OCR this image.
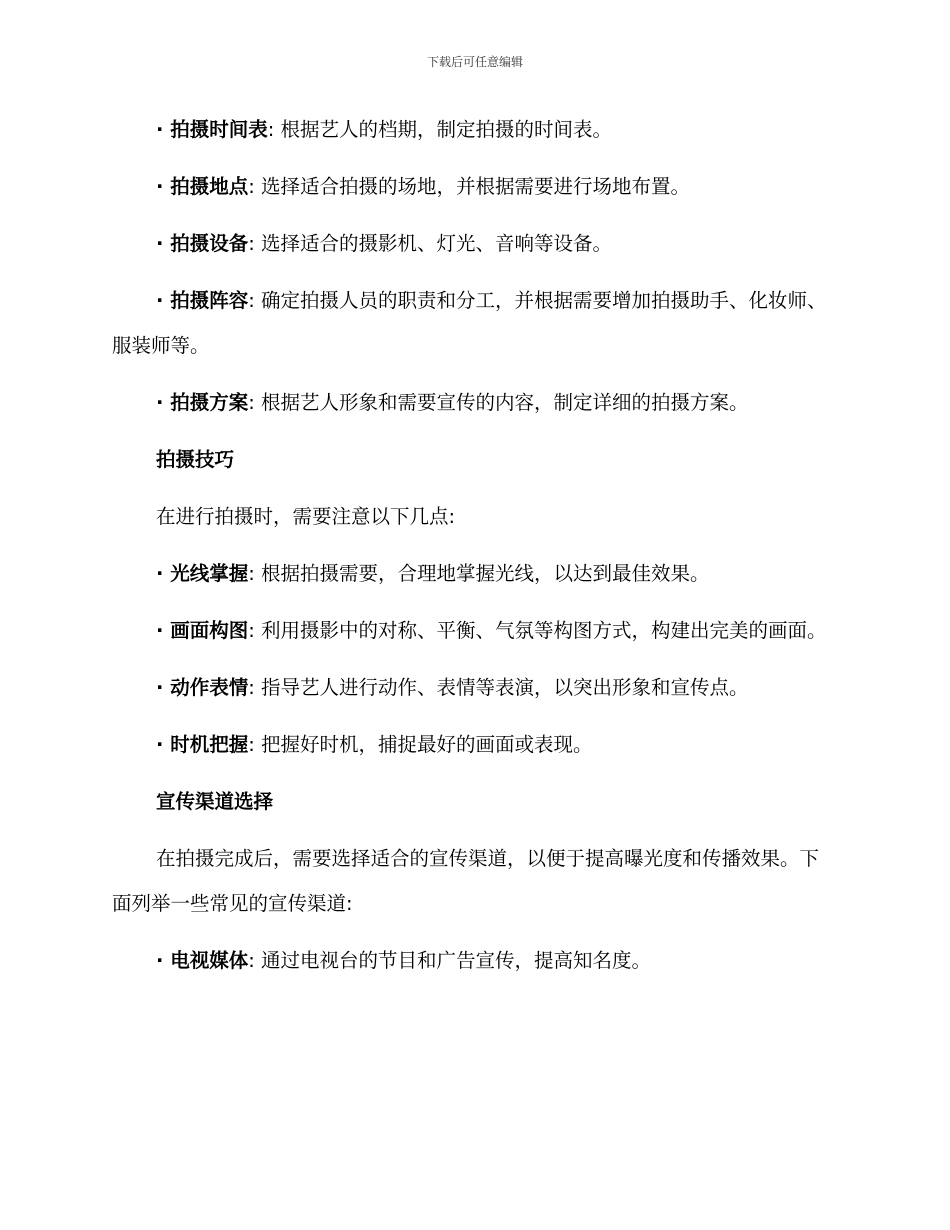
下载后可任意编辑

· 拍摄时间表: 根据艺人的档期，制定拍摄的时间表。

· 拍摄地点: 选择适合拍摄的场地，并根据需要进行场地布置。

· 拍摄设备: 选择适合的摄影机、灯光、音响等设备。

· 拍摄阵容: 确定拍摄人员的职责和分工，并根据需要增加拍摄助手、化妆师、服装师等。

· 拍摄方案: 根据艺人形象和需要宣传的内容，制定详细的拍摄方案。

拍摄技巧

在进行拍摄时，需要注意以下几点:

· 光线掌握: 根据拍摄需要，合理地掌握光线，以达到最佳效果。

· 画面构图: 利用摄影中的对称、平衡、气氛等构图方式，构建出完美的画面。

· 动作表情: 指导艺人进行动作、表情等表演，以突出形象和宣传点。

· 时机把握: 把握好时机，捕捉最好的画面或表现。

宣传渠道选择

在拍摄完成后，需要选择适合的宣传渠道，以便于提高曝光度和传播效果。下面列举一些常见的宣传渠道:

· 电视媒体: 通过电视台的节目和广告宣传，提高知名度。
